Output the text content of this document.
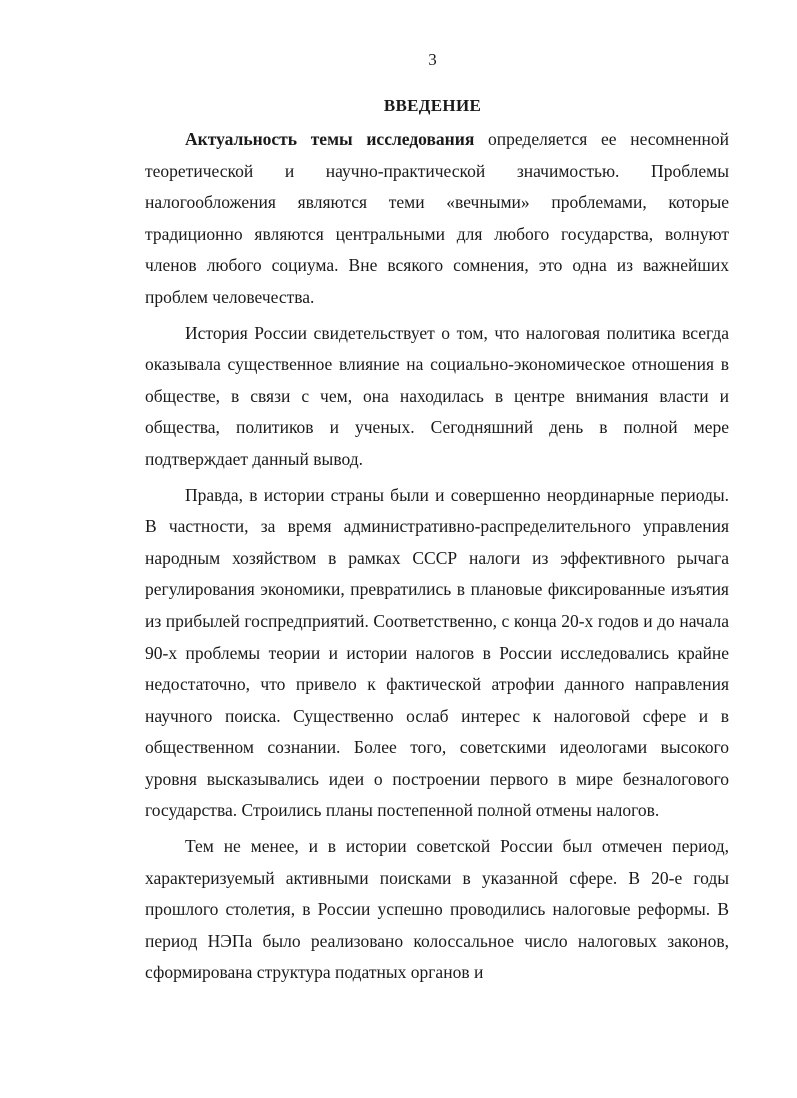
3
ВВЕДЕНИЕ

Актуальность темы исследования определяется ее несомненной теоретической и научно-практической значимостью. Проблемы налогообложения являются теми «вечными» проблемами, которые традиционно являются центральными для любого государства, волнуют членов любого социума. Вне всякого сомнения, это одна из важнейших проблем человечества.

История России свидетельствует о том, что налоговая политика всегда оказывала существенное влияние на социально-экономическое отношения в обществе, в связи с чем, она находилась в центре внимания власти и общества, политиков и ученых. Сегодняшний день в полной мере подтверждает данный вывод.

Правда, в истории страны были и совершенно неординарные периоды. В частности, за время административно-распределительного управления народным хозяйством в рамках СССР налоги из эффективного рычага регулирования экономики, превратились в плановые фиксированные изъятия из прибылей госпредприятий. Соответственно, с конца 20-х годов и до начала 90-х проблемы теории и истории налогов в России исследовались крайне недостаточно, что привело к фактической атрофии данного направления научного поиска. Существенно ослаб интерес к налоговой сфере и в общественном сознании. Более того, советскими идеологами высокого уровня высказывались идеи о построении первого в мире безналогового государства. Строились планы постепенной полной отмены налогов.

Тем не менее, и в истории советской России был отмечен период, характеризуемый активными поисками в указанной сфере. В 20-е годы прошлого столетия, в России успешно проводились налоговые реформы. В период НЭПа было реализовано колоссальное число налоговых законов, сформирована структура податных органов и
